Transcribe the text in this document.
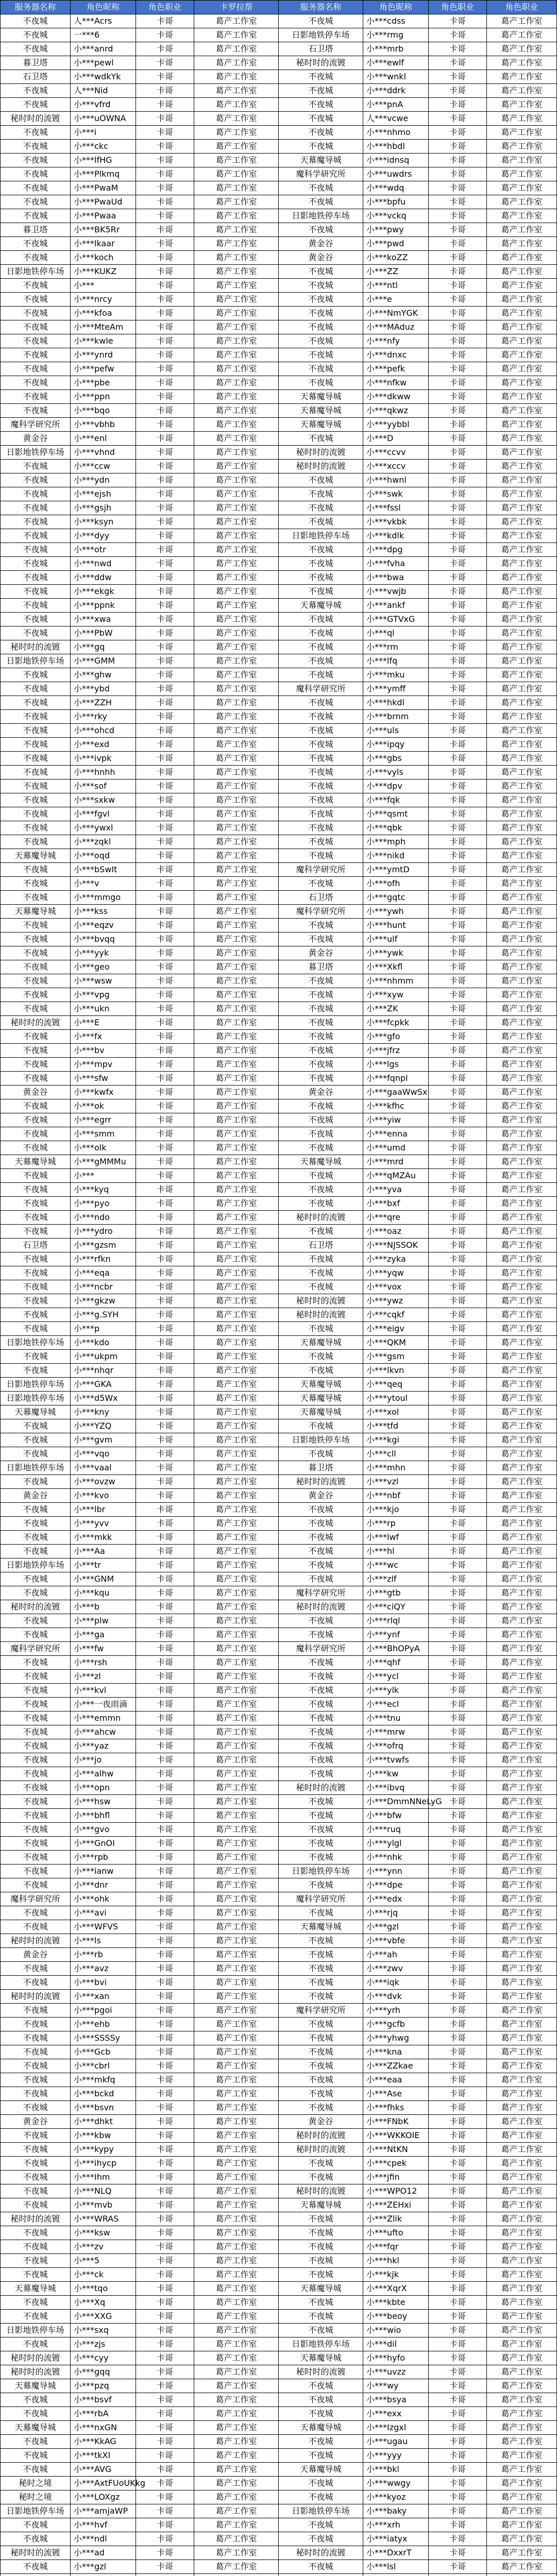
服务器名称	角色昵称	角色职业	卡罗拉帮	服务器名称	角色昵称	角色职业	角色职业
不夜城	人***Acrs	卡哥	葛产工作室	不夜城	小***cdss	卡哥	葛产工作室
不夜城	一***6	卡哥	葛产工作室	日影地铁停车场	小***rmg	卡哥	葛产工作室
不夜城	小***anrd	卡哥	葛产工作室	石卫塔	小***mrb	卡哥	葛产工作室
暮卫塔	小***pewl	卡哥	葛产工作室	秘时时的流镀	小***ewlf	卡哥	葛产工作室
石卫塔	小***wdkYk	卡哥	葛产工作室	不夜城	小***wnkl	卡哥	葛产工作室
不夜城	人***Nid	卡哥	葛产工作室	不夜城	小***ddrk	卡哥	葛产工作室
不夜城	小***vfrd	卡哥	葛产工作室	不夜城	小***pnA	卡哥	葛产工作室
秘时时的流镀	小***uOWNA	卡哥	葛产工作室	不夜城	人***vcwe	卡哥	葛产工作室
不夜城	小***i	卡哥	葛产工作室	不夜城	小***nhmo	卡哥	葛产工作室
不夜城	小***ckc	卡哥	葛产工作室	不夜城	小***hbdl	卡哥	葛产工作室
不夜城	小***lfHG	卡哥	葛产工作室	天幕魔导城	小***idnsq	卡哥	葛产工作室
不夜城	小***Plkmq	卡哥	葛产工作室	魔科学研究所	小***uwdrs	卡哥	葛产工作室
不夜城	小***PwaM	卡哥	葛产工作室	不夜城	小***wdq	卡哥	葛产工作室
不夜城	小***PwaUd	卡哥	葛产工作室	不夜城	小***bpfu	卡哥	葛产工作室
不夜城	小***Pwaa	卡哥	葛产工作室	日影地铁停车场	小***vckq	卡哥	葛产工作室
暮卫塔	小***BK5Rr	卡哥	葛产工作室	不夜城	小***pwy	卡哥	葛产工作室
不夜城	小***lkaar	卡哥	葛产工作室	黄金谷	小***pwd	卡哥	葛产工作室
不夜城	小***koch	卡哥	葛产工作室	黄金谷	小***koZZ	卡哥	葛产工作室
日影地铁停车场	小***KUKZ	卡哥	葛产工作室	不夜城	小***ZZ	卡哥	葛产工作室
不夜城	小***	卡哥	葛产工作室	不夜城	小***ntl	卡哥	葛产工作室
不夜城	小***nrcy	卡哥	葛产工作室	不夜城	小***e	卡哥	葛产工作室
不夜城	小***kfoa	卡哥	葛产工作室	不夜城	小***NmYGK	卡哥	葛产工作室
不夜城	小***MteAm	卡哥	葛产工作室	不夜城	小***MAduz	卡哥	葛产工作室
不夜城	小***kwle	卡哥	葛产工作室	不夜城	小***nfy	卡哥	葛产工作室
不夜城	小***ynrd	卡哥	葛产工作室	不夜城	小***dnxc	卡哥	葛产工作室
不夜城	小***pefw	卡哥	葛产工作室	不夜城	小***pefk	卡哥	葛产工作室
不夜城	小***pbe	卡哥	葛产工作室	不夜城	小***nfkw	卡哥	葛产工作室
不夜城	小***ppn	卡哥	葛产工作室	天幕魔导城	小***dkww	卡哥	葛产工作室
不夜城	小***bqo	卡哥	葛产工作室	天幕魔导城	小***qkwz	卡哥	葛产工作室
魔科学研究所	小***vbhb	卡哥	葛产工作室	天幕魔导城	小***yybbl	卡哥	葛产工作室
黄金谷	小***enl	卡哥	葛产工作室	不夜城	小***D	卡哥	葛产工作室
日影地铁停车场	小***vhnd	卡哥	葛产工作室	秘时时的流镀	小***ccvv	卡哥	葛产工作室
不夜城	小***ccw	卡哥	葛产工作室	秘时时的流镀	小***xccv	卡哥	葛产工作室
不夜城	小***ydn	卡哥	葛产工作室	不夜城	小***hwnl	卡哥	葛产工作室
不夜城	小***ejsh	卡哥	葛产工作室	不夜城	小***swk	卡哥	葛产工作室
不夜城	小***gsjh	卡哥	葛产工作室	不夜城	小***fssl	卡哥	葛产工作室
不夜城	小***ksyn	卡哥	葛产工作室	不夜城	小***vkbk	卡哥	葛产工作室
不夜城	小***dyy	卡哥	葛产工作室	日影地铁停车场	小***kdlk	卡哥	葛产工作室
不夜城	小***otr	卡哥	葛产工作室	不夜城	小***dpg	卡哥	葛产工作室
不夜城	小***nwd	卡哥	葛产工作室	不夜城	小***fvha	卡哥	葛产工作室
不夜城	小***ddw	卡哥	葛产工作室	不夜城	小***bwa	卡哥	葛产工作室
不夜城	小***ekgk	卡哥	葛产工作室	不夜城	小***vwjb	卡哥	葛产工作室
不夜城	小***ppnk	卡哥	葛产工作室	天幕魔导城	小***ankf	卡哥	葛产工作室
不夜城	小***xwa	卡哥	葛产工作室	不夜城	小***GTVxG	卡哥	葛产工作室
不夜城	小***PbW	卡哥	葛产工作室	不夜城	小***ql	卡哥	葛产工作室
秘时时的流镀	小***gq	卡哥	葛产工作室	不夜城	小***rm	卡哥	葛产工作室
日影地铁停车场	小***GMM	卡哥	葛产工作室	不夜城	小***lfq	卡哥	葛产工作室
不夜城	小***ghw	卡哥	葛产工作室	不夜城	小***mku	卡哥	葛产工作室
不夜城	小***ybd	卡哥	葛产工作室	魔科学研究所	小***ymff	卡哥	葛产工作室
不夜城	小***ZZH	卡哥	葛产工作室	不夜城	小***hkdl	卡哥	葛产工作室
不夜城	小***rky	卡哥	葛产工作室	不夜城	小***brnm	卡哥	葛产工作室
不夜城	小***ohcd	卡哥	葛产工作室	不夜城	小***uls	卡哥	葛产工作室
不夜城	小***exd	卡哥	葛产工作室	不夜城	小***ipqy	卡哥	葛产工作室
不夜城	小***ivpk	卡哥	葛产工作室	不夜城	小***gbs	卡哥	葛产工作室
不夜城	小***hnhh	卡哥	葛产工作室	不夜城	小***vyls	卡哥	葛产工作室
不夜城	小***sof	卡哥	葛产工作室	不夜城	小***dpv	卡哥	葛产工作室
不夜城	小***sxkw	卡哥	葛产工作室	不夜城	小***fqk	卡哥	葛产工作室
不夜城	小***fgvl	卡哥	葛产工作室	不夜城	小***qsmt	卡哥	葛产工作室
不夜城	小***ywxl	卡哥	葛产工作室	不夜城	小***qbk	卡哥	葛产工作室
不夜城	小***zqkl	卡哥	葛产工作室	不夜城	小***mph	卡哥	葛产工作室
天幕魔导城	小***oqd	卡哥	葛产工作室	不夜城	小***nikd	卡哥	葛产工作室
不夜城	小***bSwIt	卡哥	葛产工作室	魔科学研究所	小***ymtD	卡哥	葛产工作室
不夜城	小***v	卡哥	葛产工作室	不夜城	小***ofh	卡哥	葛产工作室
不夜城	小***mmgo	卡哥	葛产工作室	石卫塔	小***gqtc	卡哥	葛产工作室
天幕魔导城	小***kss	卡哥	葛产工作室	魔科学研究所	小***ywh	卡哥	葛产工作室
不夜城	小***eqzv	卡哥	葛产工作室	不夜城	小***hunt	卡哥	葛产工作室
不夜城	小***bvqq	卡哥	葛产工作室	不夜城	小***ulf	卡哥	葛产工作室
不夜城	小***yyk	卡哥	葛产工作室	黄金谷	小***ywk	卡哥	葛产工作室
不夜城	小***geo	卡哥	葛产工作室	暮卫塔	小***Xkfl	卡哥	葛产工作室
不夜城	小***wsw	卡哥	葛产工作室	不夜城	小***nhmm	卡哥	葛产工作室
不夜城	小***vpg	卡哥	葛产工作室	不夜城	小***xyw	卡哥	葛产工作室
不夜城	小***ukn	卡哥	葛产工作室	不夜城	小***ZK	卡哥	葛产工作室
秘时时的流镀	小***E	卡哥	葛产工作室	不夜城	小***fcpkk	卡哥	葛产工作室
不夜城	小***fx	卡哥	葛产工作室	不夜城	小***gfo	卡哥	葛产工作室
不夜城	小***bv	卡哥	葛产工作室	不夜城	小***jfrz	卡哥	葛产工作室
不夜城	小***mpv	卡哥	葛产工作室	不夜城	小***lgs	卡哥	葛产工作室
不夜城	小***sfw	卡哥	葛产工作室	不夜城	小***fqnpl	卡哥	葛产工作室
黄金谷	小***kwfx	卡哥	葛产工作室	黄金谷	小***gaaWwSx	卡哥	葛产工作室
不夜城	小***ok	卡哥	葛产工作室	不夜城	小***kfhc	卡哥	葛产工作室
不夜城	小***egrr	卡哥	葛产工作室	不夜城	小***yiw	卡哥	葛产工作室
不夜城	小***smm	卡哥	葛产工作室	不夜城	小***enna	卡哥	葛产工作室
不夜城	小***olk	卡哥	葛产工作室	不夜城	小***umd	卡哥	葛产工作室
天幕魔导城	小***gMMMu	卡哥	葛产工作室	天幕魔导城	小***mrd	卡哥	葛产工作室
不夜城	小***	卡哥	葛产工作室	不夜城	小***qMZAu	卡哥	葛产工作室
不夜城	小***kyq	卡哥	葛产工作室	不夜城	小***yva	卡哥	葛产工作室
不夜城	小***pyo	卡哥	葛产工作室	不夜城	小***bxf	卡哥	葛产工作室
不夜城	小***ndo	卡哥	葛产工作室	秘时时的流镀	小***qre	卡哥	葛产工作室
不夜城	小***ydro	卡哥	葛产工作室	不夜城	小***oaz	卡哥	葛产工作室
石卫塔	小***gzsm	卡哥	葛产工作室	石卫塔	小***NJSSOK	卡哥	葛产工作室
不夜城	小***rfkn	卡哥	葛产工作室	不夜城	小***zyka	卡哥	葛产工作室
不夜城	小***eqa	卡哥	葛产工作室	不夜城	小***yqw	卡哥	葛产工作室
不夜城	小***ncbr	卡哥	葛产工作室	不夜城	小***vox	卡哥	葛产工作室
不夜城	小***gkzw	卡哥	葛产工作室	秘时时的流镀	小***ywz	卡哥	葛产工作室
不夜城	小***g.SYH	卡哥	葛产工作室	秘时时的流镀	小***cqkf	卡哥	葛产工作室
不夜城	小***p	卡哥	葛产工作室	不夜城	小***eigv	卡哥	葛产工作室
日影地铁停车场	小***kdo	卡哥	葛产工作室	天幕魔导城	小***QKM	卡哥	葛产工作室
不夜城	小***ukpm	卡哥	葛产工作室	不夜城	小***gsm	卡哥	葛产工作室
不夜城	小***nhqr	卡哥	葛产工作室	不夜城	小***lkvn	卡哥	葛产工作室
日影地铁停车场	小***GKA	卡哥	葛产工作室	天幕魔导城	小***qeq	卡哥	葛产工作室
日影地铁停车场	小***d5Wx	卡哥	葛产工作室	天幕魔导城	小***ytoul	卡哥	葛产工作室
天幕魔导城	小***kny	卡哥	葛产工作室	天幕魔导城	小***xol	卡哥	葛产工作室
不夜城	小***YZQ	卡哥	葛产工作室	不夜城	小***tfd	卡哥	葛产工作室
不夜城	小***gvm	卡哥	葛产工作室	日影地铁停车场	小***kgi	卡哥	葛产工作室
不夜城	小***vqo	卡哥	葛产工作室	不夜城	小***cll	卡哥	葛产工作室
日影地铁停车场	小***vaal	卡哥	葛产工作室	暮卫塔	小***mhn	卡哥	葛产工作室
不夜城	小***ovzw	卡哥	葛产工作室	秘时时的流镀	小***vzl	卡哥	葛产工作室
黄金谷	小***kvo	卡哥	葛产工作室	黄金谷	小***nbf	卡哥	葛产工作室
不夜城	小***lbr	卡哥	葛产工作室	不夜城	小***kjo	卡哥	葛产工作室
不夜城	小***yvv	卡哥	葛产工作室	不夜城	小***rp	卡哥	葛产工作室
不夜城	小***mkk	卡哥	葛产工作室	不夜城	小***lwf	卡哥	葛产工作室
不夜城	小***Aa	卡哥	葛产工作室	不夜城	小***hl	卡哥	葛产工作室
日影地铁停车场	小***tr	卡哥	葛产工作室	不夜城	小***wc	卡哥	葛产工作室
不夜城	小***GNM	卡哥	葛产工作室	不夜城	小***zlf	卡哥	葛产工作室
不夜城	小***kqu	卡哥	葛产工作室	魔科学研究所	小***gtb	卡哥	葛产工作室
秘时时的流镀	小***b	卡哥	葛产工作室	秘时时的流镀	小***ciQY	卡哥	葛产工作室
不夜城	小***plw	卡哥	葛产工作室	不夜城	小***rlql	卡哥	葛产工作室
不夜城	小***ga	卡哥	葛产工作室	不夜城	小***ynf	卡哥	葛产工作室
魔科学研究所	小***fw	卡哥	葛产工作室	魔科学研究所	小***BhOPyA	卡哥	葛产工作室
不夜城	小***rsh	卡哥	葛产工作室	不夜城	小***qhf	卡哥	葛产工作室
不夜城	小***zl	卡哥	葛产工作室	不夜城	小***ycl	卡哥	葛产工作室
不夜城	小***kvl	卡哥	葛产工作室	不夜城	小***ylk	卡哥	葛产工作室
不夜城	小***一夜雨滴	卡哥	葛产工作室	不夜城	小***ecl	卡哥	葛产工作室
不夜城	小***emmn	卡哥	葛产工作室	不夜城	小***tnu	卡哥	葛产工作室
不夜城	小***ahcw	卡哥	葛产工作室	不夜城	小***mrw	卡哥	葛产工作室
不夜城	小***yaz	卡哥	葛产工作室	不夜城	小***ofrq	卡哥	葛产工作室
不夜城	小***jo	卡哥	葛产工作室	不夜城	小***tvwfs	卡哥	葛产工作室
不夜城	小***alhw	卡哥	葛产工作室	不夜城	小***kw	卡哥	葛产工作室
不夜城	小***opn	卡哥	葛产工作室	秘时时的流镀	小***ibvq	卡哥	葛产工作室
不夜城	小***hsw	卡哥	葛产工作室	不夜城	小***DmmNNeLyG	卡哥	葛产工作室
不夜城	小***bhfl	卡哥	葛产工作室	不夜城	小***bfw	卡哥	葛产工作室
不夜城	小***gvo	卡哥	葛产工作室	不夜城	小***ruq	卡哥	葛产工作室
不夜城	小***GnOI	卡哥	葛产工作室	不夜城	小***ylgl	卡哥	葛产工作室
不夜城	小***rpb	卡哥	葛产工作室	不夜城	小***nhk	卡哥	葛产工作室
不夜城	小***ianw	卡哥	葛产工作室	日影地铁停车场	小***ynn	卡哥	葛产工作室
不夜城	小***dnr	卡哥	葛产工作室	不夜城	小***dpe	卡哥	葛产工作室
魔科学研究所	小***ohk	卡哥	葛产工作室	魔科学研究所	小***edx	卡哥	葛产工作室
不夜城	小***avi	卡哥	葛产工作室	不夜城	小***rjq	卡哥	葛产工作室
不夜城	小***WFVS	卡哥	葛产工作室	天幕魔导城	小***gzl	卡哥	葛产工作室
秘时时的流镀	小***ls	卡哥	葛产工作室	不夜城	小***vbfe	卡哥	葛产工作室
黄金谷	小***rb	卡哥	葛产工作室	不夜城	小***ah	卡哥	葛产工作室
不夜城	小***avz	卡哥	葛产工作室	不夜城	小***zwv	卡哥	葛产工作室
不夜城	小***bvi	卡哥	葛产工作室	不夜城	小***iqk	卡哥	葛产工作室
秘时时的流镀	小***xan	卡哥	葛产工作室	不夜城	小***dvk	卡哥	葛产工作室
不夜城	小***pgoi	卡哥	葛产工作室	魔科学研究所	小***yrh	卡哥	葛产工作室
不夜城	小***ehb	卡哥	葛产工作室	不夜城	小***gcfb	卡哥	葛产工作室
不夜城	小***SSSSy	卡哥	葛产工作室	不夜城	小***yhwg	卡哥	葛产工作室
不夜城	小***Gcb	卡哥	葛产工作室	不夜城	小***kna	卡哥	葛产工作室
不夜城	小***cbrl	卡哥	葛产工作室	不夜城	小***ZZkae	卡哥	葛产工作室
不夜城	小***mkfq	卡哥	葛产工作室	不夜城	小***eaa	卡哥	葛产工作室
不夜城	小***bckd	卡哥	葛产工作室	不夜城	小***Ase	卡哥	葛产工作室
不夜城	小***bsvn	卡哥	葛产工作室	不夜城	小***fhks	卡哥	葛产工作室
黄金谷	小***dhkt	卡哥	葛产工作室	黄金谷	小***FNbK	卡哥	葛产工作室
不夜城	小***kbw	卡哥	葛产工作室	秘时时的流镀	小***WKKOIE	卡哥	葛产工作室
不夜城	小***kypy	卡哥	葛产工作室	秘时时的流镀	小***NtKN	卡哥	葛产工作室
不夜城	小***ihycp	卡哥	葛产工作室	不夜城	小***cpek	卡哥	葛产工作室
不夜城	小***Ihm	卡哥	葛产工作室	不夜城	小***jfin	卡哥	葛产工作室
不夜城	小***NLQ	卡哥	葛产工作室	秘时时的流镀	小***WPO12	卡哥	葛产工作室
不夜城	小***mvb	卡哥	葛产工作室	天幕魔导城	小***ZEHxi	卡哥	葛产工作室
秘时时的流镀	小***WRAS	卡哥	葛产工作室	不夜城	小***Zlik	卡哥	葛产工作室
不夜城	小***ksw	卡哥	葛产工作室	不夜城	小***ufto	卡哥	葛产工作室
不夜城	小***zv	卡哥	葛产工作室	不夜城	小***fqr	卡哥	葛产工作室
不夜城	小***5	卡哥	葛产工作室	不夜城	小***hkl	卡哥	葛产工作室
不夜城	小***ck	卡哥	葛产工作室	不夜城	小***kjk	卡哥	葛产工作室
天幕魔导城	小***tqo	卡哥	葛产工作室	天幕魔导城	小***XqrX	卡哥	葛产工作室
不夜城	小***Xq	卡哥	葛产工作室	不夜城	小***kbte	卡哥	葛产工作室
不夜城	小***XXG	卡哥	葛产工作室	不夜城	小***beoy	卡哥	葛产工作室
日影地铁停车场	小***sxq	卡哥	葛产工作室	不夜城	小***wio	卡哥	葛产工作室
不夜城	小***zjs	卡哥	葛产工作室	日影地铁停车场	小***dil	卡哥	葛产工作室
秘时时的流镀	小***cyy	卡哥	葛产工作室	天幕魔导城	小***hyfo	卡哥	葛产工作室
秘时时的流镀	小***gqq	卡哥	葛产工作室	秘时时的流镀	小***uvzz	卡哥	葛产工作室
天幕魔导城	小***pzq	卡哥	葛产工作室	不夜城	小***wy	卡哥	葛产工作室
不夜城	小***bsvf	卡哥	葛产工作室	不夜城	小***bsya	卡哥	葛产工作室
不夜城	小***rbA	卡哥	葛产工作室	不夜城	小***exx	卡哥	葛产工作室
天幕魔导城	小***nxGN	卡哥	葛产工作室	天幕魔导城	小***Izgxl	卡哥	葛产工作室
不夜城	小***KkAG	卡哥	葛产工作室	不夜城	小***ugau	卡哥	葛产工作室
不夜城	小***tkXI	卡哥	葛产工作室	不夜城	小***yyy	卡哥	葛产工作室
不夜城	小***AVG	卡哥	葛产工作室	天幕魔导城	小***bkl	卡哥	葛产工作室
秘时之境	小***AxtFUoUKkg	卡哥	葛产工作室	不夜城	小***wwgy	卡哥	葛产工作室
秘时之境	小***LOXgz	卡哥	葛产工作室	不夜城	小***kyoz	卡哥	葛产工作室
日影地铁停车场	小***amjaWP	卡哥	葛产工作室	日影地铁停车场	小***baky	卡哥	葛产工作室
不夜城	小***hvf	卡哥	葛产工作室	不夜城	小***xrh	卡哥	葛产工作室
不夜城	小***ndl	卡哥	葛产工作室	不夜城	小***iatyx	卡哥	葛产工作室
秘时时的流镀	小***ad	卡哥	葛产工作室	秘时时的流镀	小***DxxrT	卡哥	葛产工作室
不夜城	小***gzl	卡哥	葛产工作室	不夜城	小***lsl	卡哥	葛产工作室
